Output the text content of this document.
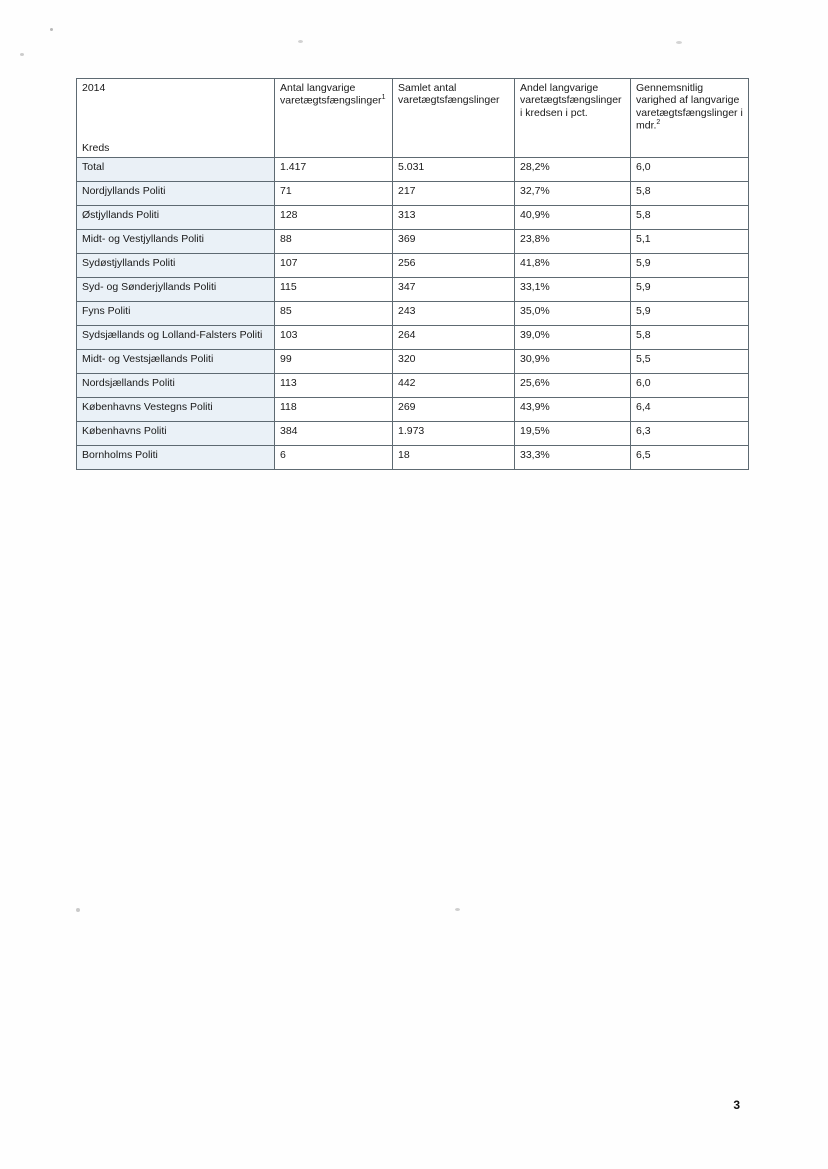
2014
Kreds	Antal langvarige varetægtsfængslinger$^1$	Samlet antal varetægtsfængslinger	Andel langvarige varetægtsfængslinger i kredsen i pct.	Gennemsnitlig varighed af langvarige varetægtsfængslinger i mdr.$^2$
Total	1.417	5.031	28,2%	6,0
Nordjyllands Politi	71	217	32,7%	5,8
Østjyllands Politi	128	313	40,9%	5,8
Midt- og Vestjyllands Politi	88	369	23,8%	5,1
Sydøstjyllands Politi	107	256	41,8%	5,9
Syd- og Sønderjyllands Politi	115	347	33,1%	5,9
Fyns Politi	85	243	35,0%	5,9
Sydsjællands og Lolland-Falsters Politi	103	264	39,0%	5,8
Midt- og Vestsjællands Politi	99	320	30,9%	5,5
Nordsjællands Politi	113	442	25,6%	6,0
Københavns Vestegns Politi	118	269	43,9%	6,4
Københavns Politi	384	1.973	19,5%	6,3
Bornholms Politi	6	18	33,3%	6,5
3
